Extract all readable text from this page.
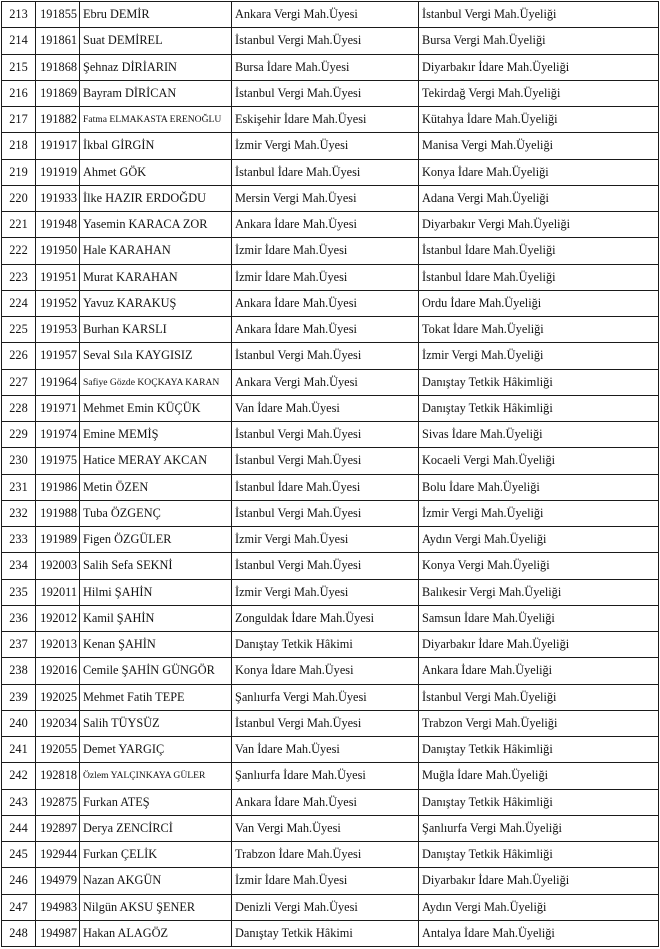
213	191855	Ebru DEMİR	Ankara Vergi Mah.Üyesi	İstanbul Vergi Mah.Üyeliği
214	191861	Suat DEMİREL	İstanbul Vergi Mah.Üyesi	Bursa Vergi Mah.Üyeliği
215	191868	Şehnaz DİRİARIN	Bursa İdare Mah.Üyesi	Diyarbakır İdare Mah.Üyeliği
216	191869	Bayram DİRİCAN	İstanbul Vergi Mah.Üyesi	Tekirdağ Vergi Mah.Üyeliği
217	191882	Fatma ELMAKASTA ERENOĞLU	Eskişehir İdare Mah.Üyesi	Kütahya İdare Mah.Üyeliği
218	191917	İkbal GİRGİN	İzmir Vergi Mah.Üyesi	Manisa Vergi Mah.Üyeliği
219	191919	Ahmet GÖK	İstanbul İdare Mah.Üyesi	Konya İdare Mah.Üyeliği
220	191933	İlke HAZIR ERDOĞDU	Mersin Vergi Mah.Üyesi	Adana Vergi Mah.Üyeliği
221	191948	Yasemin KARACA ZOR	Ankara İdare Mah.Üyesi	Diyarbakır Vergi Mah.Üyeliği
222	191950	Hale KARAHAN	İzmir İdare Mah.Üyesi	İstanbul İdare Mah.Üyeliği
223	191951	Murat KARAHAN	İzmir İdare Mah.Üyesi	İstanbul İdare Mah.Üyeliği
224	191952	Yavuz KARAKUŞ	Ankara İdare Mah.Üyesi	Ordu İdare Mah.Üyeliği
225	191953	Burhan KARSLI	Ankara İdare Mah.Üyesi	Tokat İdare Mah.Üyeliği
226	191957	Seval Sıla KAYGISIZ	İstanbul Vergi Mah.Üyesi	İzmir Vergi Mah.Üyeliği
227	191964	Safiye Gözde KOÇKAYA KARAN	Ankara Vergi Mah.Üyesi	Danıştay Tetkik Hâkimliği
228	191971	Mehmet Emin KÜÇÜK	Van İdare Mah.Üyesi	Danıştay Tetkik Hâkimliği
229	191974	Emine MEMİŞ	İstanbul Vergi Mah.Üyesi	Sivas İdare Mah.Üyeliği
230	191975	Hatice MERAY AKCAN	İstanbul Vergi Mah.Üyesi	Kocaeli Vergi Mah.Üyeliği
231	191986	Metin ÖZEN	İstanbul İdare Mah.Üyesi	Bolu İdare Mah.Üyeliği
232	191988	Tuba ÖZGENÇ	İstanbul Vergi Mah.Üyesi	İzmir Vergi Mah.Üyeliği
233	191989	Figen ÖZGÜLER	İzmir Vergi Mah.Üyesi	Aydın Vergi Mah.Üyeliği
234	192003	Salih Sefa SEKNİ	İstanbul Vergi Mah.Üyesi	Konya Vergi Mah.Üyeliği
235	192011	Hilmi ŞAHİN	İzmir Vergi Mah.Üyesi	Balıkesir Vergi Mah.Üyeliği
236	192012	Kamil ŞAHİN	Zonguldak İdare Mah.Üyesi	Samsun İdare Mah.Üyeliği
237	192013	Kenan ŞAHİN	Danıştay Tetkik Hâkimi	Diyarbakır İdare Mah.Üyeliği
238	192016	Cemile ŞAHİN GÜNGÖR	Konya İdare Mah.Üyesi	Ankara İdare Mah.Üyeliği
239	192025	Mehmet Fatih TEPE	Şanlıurfa Vergi Mah.Üyesi	İstanbul Vergi Mah.Üyeliği
240	192034	Salih TÜYSÜZ	İstanbul Vergi Mah.Üyesi	Trabzon Vergi Mah.Üyeliği
241	192055	Demet YARGIÇ	Van İdare Mah.Üyesi	Danıştay Tetkik Hâkimliği
242	192818	Özlem YALÇINKAYA GÜLER	Şanlıurfa İdare Mah.Üyesi	Muğla İdare Mah.Üyeliği
243	192875	Furkan ATEŞ	Ankara İdare Mah.Üyesi	Danıştay Tetkik Hâkimliği
244	192897	Derya ZENCİRCİ	Van Vergi Mah.Üyesi	Şanlıurfa Vergi Mah.Üyeliği
245	192944	Furkan ÇELİK	Trabzon İdare Mah.Üyesi	Danıştay Tetkik Hâkimliği
246	194979	Nazan AKGÜN	İzmir İdare Mah.Üyesi	Diyarbakır İdare Mah.Üyeliği
247	194983	Nilgün AKSU ŞENER	Denizli Vergi Mah.Üyesi	Aydın Vergi Mah.Üyeliği
248	194987	Hakan ALAGÖZ	Danıştay Tetkik Hâkimi	Antalya İdare Mah.Üyeliği
